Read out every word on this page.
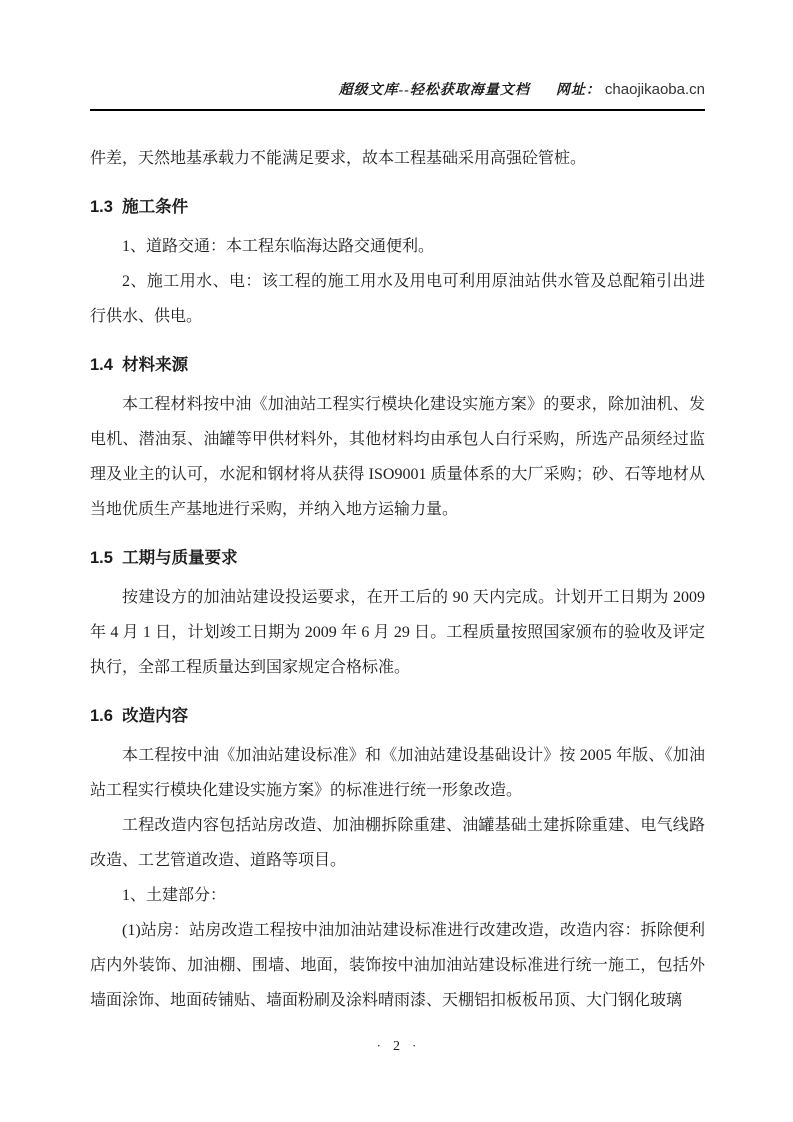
超级文库--轻松获取海量文档 网址： chaojikaoba.cn

件差，天然地基承载力不能满足要求，故本工程基础采用高强砼管桩。

1.3  施工条件

1、道路交通：本工程东临海达路交通便利。

2、施工用水、电：该工程的施工用水及用电可利用原油站供水管及总配箱引出进行供水、供电。

1.4  材料来源

本工程材料按中油《加油站工程实行模块化建设实施方案》的要求，除加油机、发电机、潜油泵、油罐等甲供材料外，其他材料均由承包人白行采购，所选产品须经过监理及业主的认可，水泥和钢材将从获得 ISO9001 质量体系的大厂采购；砂、石等地材从当地优质生产基地进行采购，并纳入地方运输力量。

1.5  工期与质量要求

按建设方的加油站建设投运要求，在开工后的 90 天内完成。计划开工日期为 2009 年 4 月 1 日，计划竣工日期为 2009 年 6 月 29 日。工程质量按照国家颁布的验收及评定执行，全部工程质量达到国家规定合格标准。

1.6  改造内容

本工程按中油《加油站建设标准》和《加油站建设基础设计》按 2005 年版、《加油站工程实行模块化建设实施方案》的标准进行统一形象改造。

工程改造内容包括站房改造、加油棚拆除重建、油罐基础土建拆除重建、电气线路改造、工艺管道改造、道路等项目。

1、土建部分：

(1)站房：站房改造工程按中油加油站建设标准进行改建改造，改造内容：拆除便利店内外装饰、加油棚、围墙、地面，装饰按中油加油站建设标准进行统一施工，包括外墙面涂饰、地面砖铺贴、墙面粉刷及涂料晴雨漆、天棚铝扣板板吊顶、大门钢化玻璃

· 2 ·
